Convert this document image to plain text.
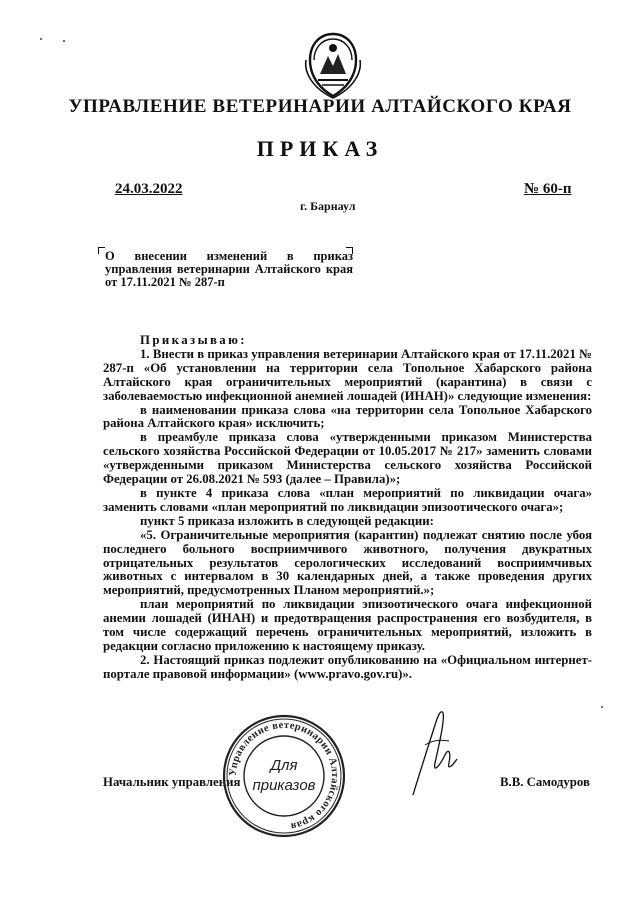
УПРАВЛЕНИЕ ВЕТЕРИНАРИИ АЛТАЙСКОГО КРАЯ
ПРИКАЗ
24.03.2022	№ 60-п
г. Барнаул
О внесении изменений в приказ управления ветеринарии Алтайского края от 17.11.2021 № 287-п

Приказываю:

1. Внести в приказ управления ветеринарии Алтайского края от 17.11.2021 № 287-п «Об установлении на территории села Топольное Хабарского района Алтайского края ограничительных мероприятий (карантина) в связи с заболеваемостью инфекционной анемией лошадей (ИНАН)» следующие изменения:

в наименовании приказа слова «на территории села Топольное Хабарского района Алтайского края» исключить;

в преамбуле приказа слова «утвержденными приказом Министерства сельского хозяйства Российской Федерации от 10.05.2017 № 217» заменить словами «утвержденными приказом Министерства сельского хозяйства Российской Федерации от 26.08.2021 № 593 (далее – Правила)»;

в пункте 4 приказа слова «план мероприятий по ликвидации очага» заменить словами «план мероприятий по ликвидации эпизоотического очага»;

пункт 5 приказа изложить в следующей редакции:

«5. Ограничительные мероприятия (карантин) подлежат снятию после убоя последнего больного восприимчивого животного, получения двукратных отрицательных результатов серологических исследований восприимчивых животных с интервалом в 30 календарных дней, а также проведения других мероприятий, предусмотренных Планом мероприятий.»;

план мероприятий по ликвидации эпизоотического очага инфекционной анемии лошадей (ИНАН) и предотвращения распространения его возбудителя, в том числе содержащий перечень ограничительных мероприятий, изложить в редакции согласно приложению к настоящему приказу.

2. Настоящий приказ подлежит опубликованию на «Официальном интернет-портале правовой информации» (www.pravo.gov.ru)».

Начальник управления	В.В. Самодуров
Управление ветеринарии Алтайского края
Для
приказов
